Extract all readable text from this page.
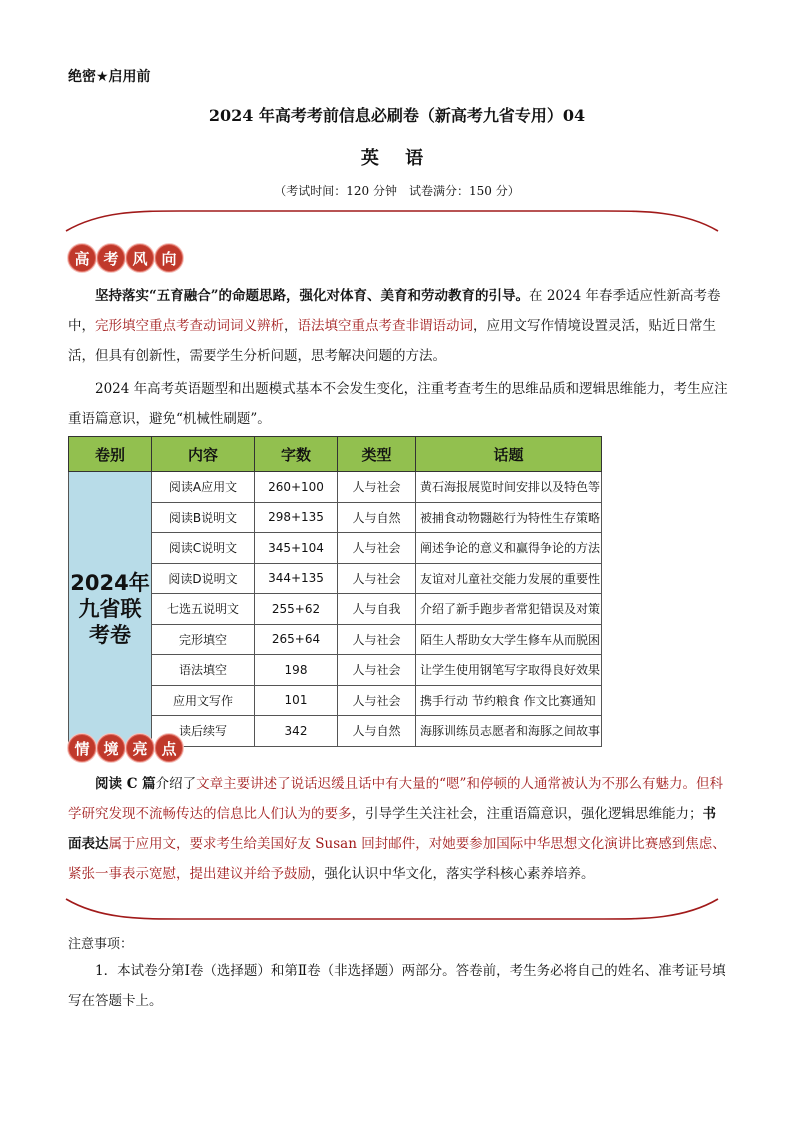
绝密★启用前
2024 年高考考前信息必刷卷（新高考九省专用）04
英 语
（考试时间：120 分钟　试卷满分：150 分）
高 考 风 向
坚持落实“五育融合”的命题思路，强化对体育、美育和劳动教育的引导。在 2024 年春季适应性新高考卷中，完形填空重点考查动词词义辨析，语法填空重点考查非谓语动词，应用文写作情境设置灵活，贴近日常生活，但具有创新性，需要学生分析问题，思考解决问题的方法。
2024 年高考英语题型和出题模式基本不会发生变化，注重考查考生的思维品质和逻辑思维能力，考生应注重语篇意识，避免“机械性刷题”。
卷别	内容	字数	类型	话题

2024年
九省联
考卷	阅读A应用文	260+100	人与社会	黄石海报展览时间安排以及特色等
	阅读B说明文	298+135	人与自然	被捕食动物翾趑行为特性生存策略
	阅读C说明文	345+104	人与社会	阐述争论的意义和赢得争论的方法
	阅读D说明文	344+135	人与社会	友谊对儿童社交能力发展的重要性
	七选五说明文	255+62	人与自我	介绍了新手跑步者常犯错误及对策
	完形填空	265+64	人与社会	陌生人帮助女大学生修车从而脱困
	语法填空	198	人与社会	让学生使用钢笔写字取得良好效果
	应用文写作	101	人与社会	携手行动 节约粮食 作文比赛通知
	读后续写	342	人与自然	海豚训练员志愿者和海豚之间故事
情 境 亮 点
阅读 C 篇介绍了文章主要讲述了说话迟缓且话中有大量的“嗯”和停顿的人通常被认为不那么有魅力。但科学研究发现不流畅传达的信息比人们认为的要多，引导学生关注社会，注重语篇意识，强化逻辑思维能力；书面表达属于应用文，要求考生给美国好友 Susan 回封邮件，对她要参加国际中华思想文化演讲比赛感到焦虑、紧张一事表示宽慰，提出建议并给予鼓励，强化认识中华文化，落实学科核心素养培养。
注意事项：
1．本试卷分第Ⅰ卷（选择题）和第Ⅱ卷（非选择题）两部分。答卷前，考生务必将自己的姓名、准考证号填写在答题卡上。
